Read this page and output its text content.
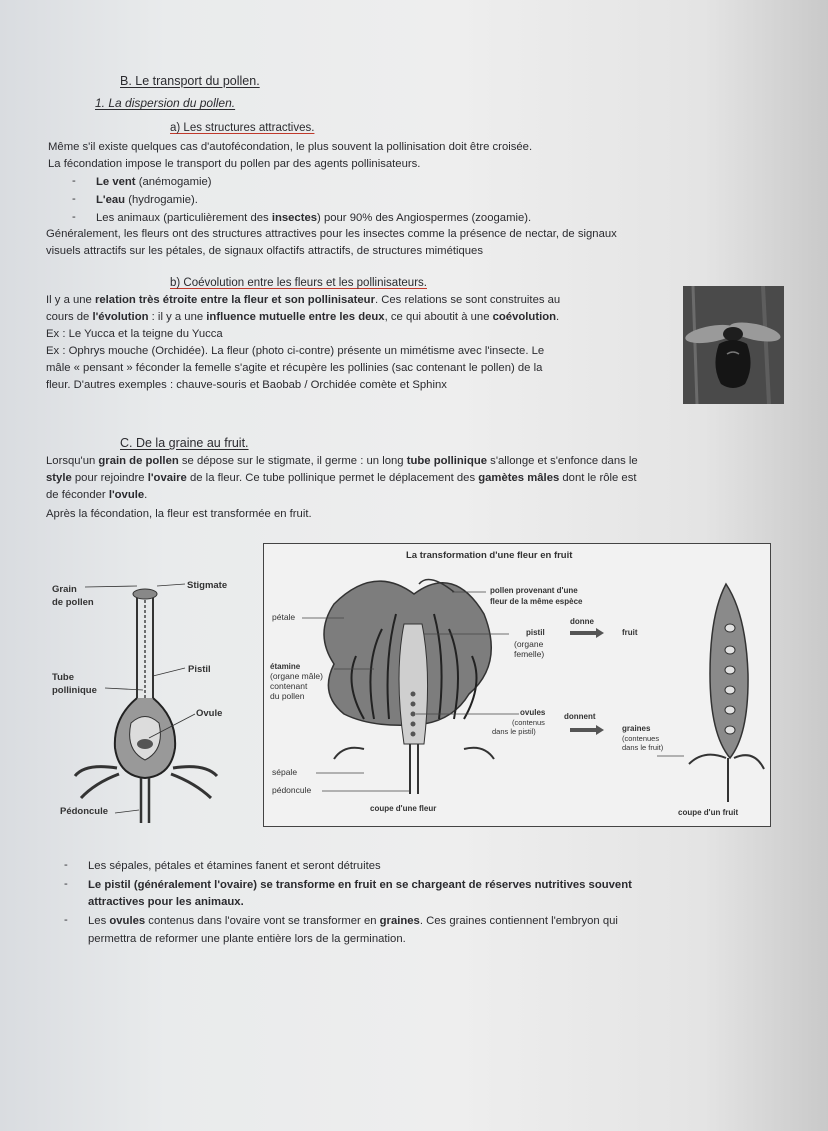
B. Le transport du pollen.
1. La dispersion du pollen.
a) Les structures attractives.
Même s'il existe quelques cas d'autofécondation, le plus souvent la pollinisation doit être croisée.
La fécondation impose le transport du pollen par des agents pollinisateurs.
- Le vent (anémogamie)
- L'eau (hydrogamie).
- Les animaux (particulièrement des insectes) pour 90% des Angiospermes (zoogamie).
Généralement, les fleurs ont des structures attractives pour les insectes comme la présence de nectar, de signaux
visuels attractifs sur les pétales, de signaux olfactifs attractifs, de structures mimétiques
b) Coévolution entre les fleurs et les pollinisateurs.
Il y a une relation très étroite entre la fleur et son pollinisateur. Ces relations se sont construites au
cours de l'évolution : il y a une influence mutuelle entre les deux, ce qui aboutit à une coévolution.
Ex : Le Yucca et la teigne du Yucca
Ex : Ophrys mouche (Orchidée). La fleur (photo ci-contre) présente un mimétisme avec l'insecte. Le
mâle « pensant » féconder la femelle s'agite et récupère les pollinies (sac contenant le pollen) de la
fleur. D'autres exemples : chauve-souris et Baobab / Orchidée comète et Sphinx
C. De la graine au fruit.
Lorsqu'un grain de pollen se dépose sur le stigmate, il germe : un long tube pollinique s'allonge et s'enfonce dans le
style pour rejoindre l'ovaire de la fleur. Ce tube pollinique permet le déplacement des gamètes mâles dont le rôle est
de féconder l'ovule.
Après la fécondation, la fleur est transformée en fruit.
Grain
de pollen
Stigmate
Tube
pollinique
Pistil
Ovule
Pédoncule
La transformation d'une fleur en fruit
pollen provenant d'une
fleur de la même espèce
pétale
pistil
(organe
femelle)
donne
fruit
étamine
(organe mâle)
contenant
du pollen
ovules
(contenus
dans le pistil)
donnent
graines
(contenues
dans le fruit)
sépale
pédoncule
coupe d'une fleur	coupe d'un fruit
- Les sépales, pétales et étamines fanent et seront détruites
- Le pistil (généralement l'ovaire) se transforme en fruit en se chargeant de réserves nutritives souvent
attractives pour les animaux.
- Les ovules contenus dans l'ovaire vont se transformer en graines. Ces graines contiennent l'embryon qui
permettra de reformer une plante entière lors de la germination.
